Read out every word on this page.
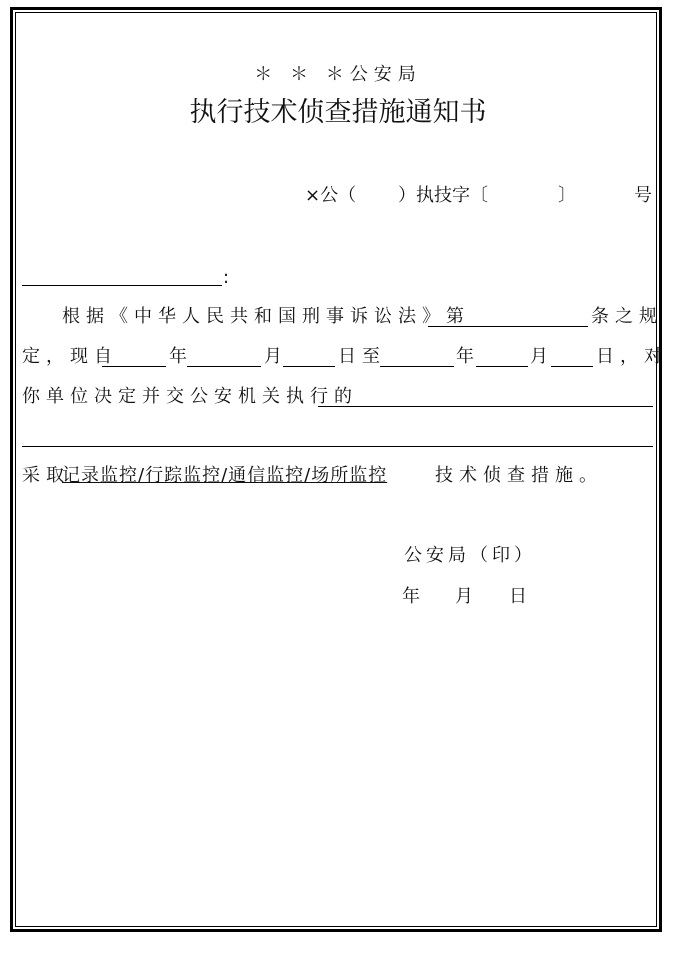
＊ ＊ ＊公安局
执行技术侦查措施通知书
×公（ ）执技字〔	〕	号
:
根据《中华人民共和国刑事诉讼法》第	条之规
定，现自	年	月	日至	年	月	日，对
你单位决定并交公安机关执行的
采取
记录监控/行踪监控/通信监控/场所监控	技术侦查措施。
公安局（印）
年 月 日
